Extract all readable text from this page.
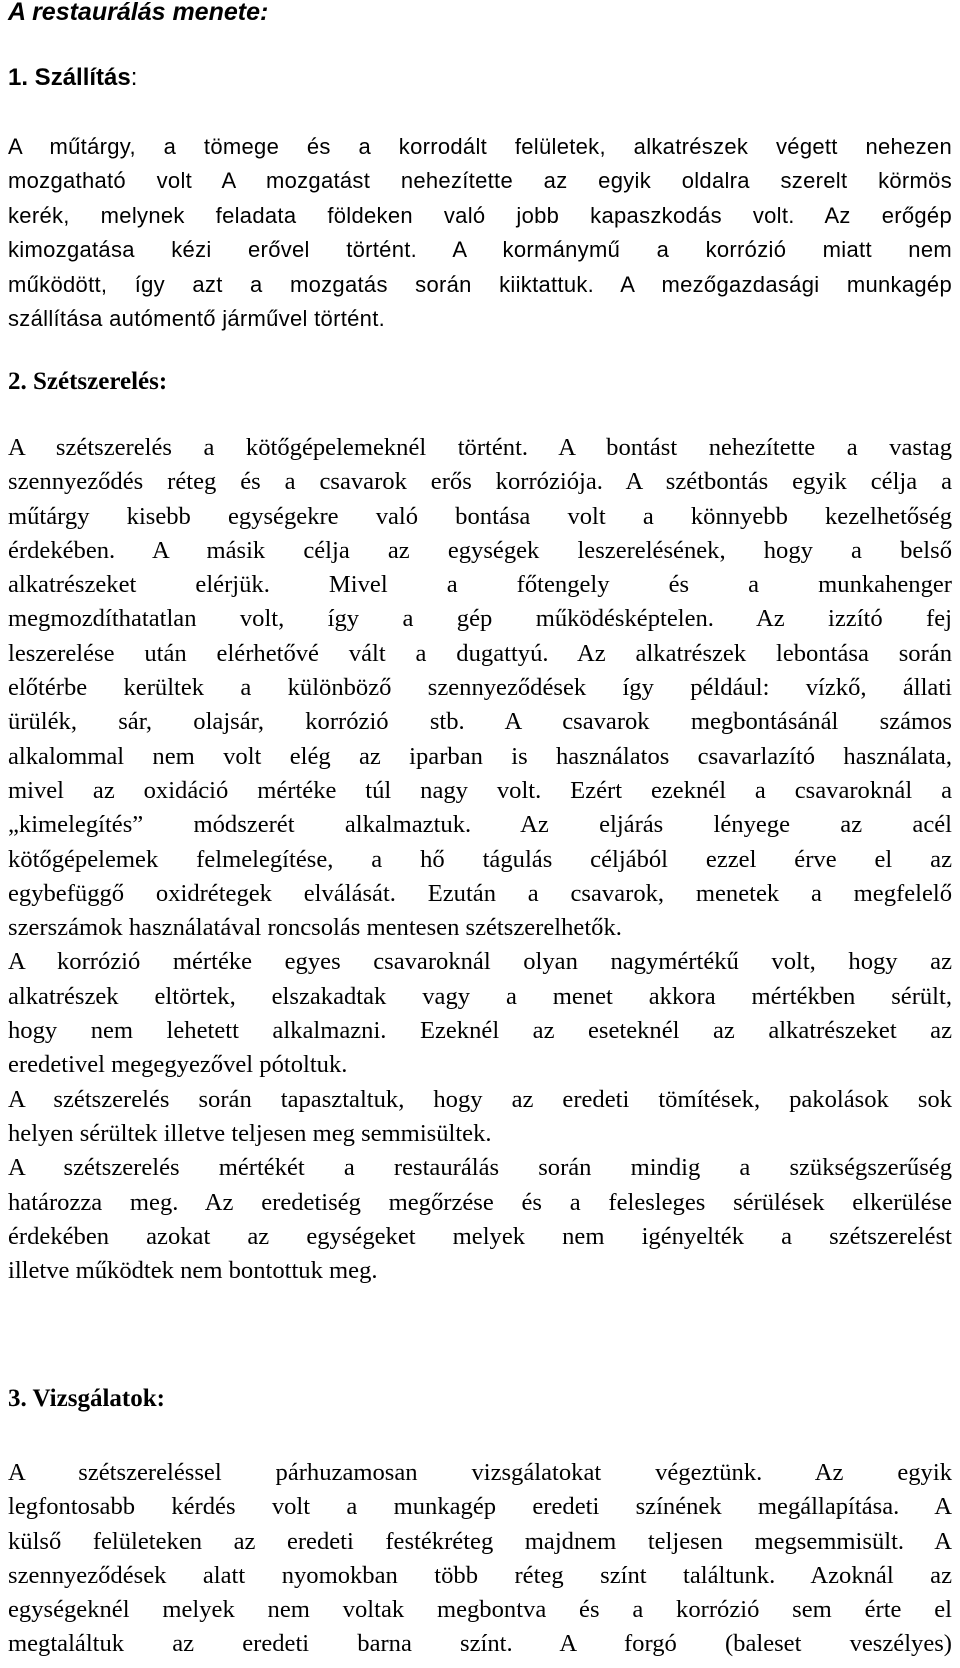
A restaurálás menete:

1. Szállítás:

A műtárgy, a tömege és a korrodált felületek, alkatrészek végett nehezen
mozgatható volt A mozgatást nehezítette az egyik oldalra szerelt körmös
kerék, melynek feladata földeken való jobb kapaszkodás volt. Az erőgép
kimozgatása kézi erővel történt. A kormánymű a korrózió miatt nem
működött, így azt a mozgatás során kiiktattuk. A mezőgazdasági munkagép
szállítása autómentő járművel történt.

2. Szétszerelés:

A szétszerelés a kötőgépelemeknél történt. A bontást nehezítette a vastag
szennyeződés réteg és a csavarok erős korróziója. A szétbontás egyik célja a
műtárgy kisebb egységekre való bontása volt a könnyebb kezelhetőség
érdekében. A másik célja az egységek leszerelésének, hogy a belső
alkatrészeket elérjük. Mivel a főtengely és a munkahenger
megmozdíthatatlan volt, így a gép működésképtelen. Az izzító fej
leszerelése után elérhetővé vált a dugattyú. Az alkatrészek lebontása során
előtérbe kerültek a különböző szennyeződések így például: vízkő, állati
ürülék, sár, olajsár, korrózió stb. A csavarok megbontásánál számos
alkalommal nem volt elég az iparban is használatos csavarlazító használata,
mivel az oxidáció mértéke túl nagy volt. Ezért ezeknél a csavaroknál a
„kimelegítés” módszerét alkalmaztuk. Az eljárás lényege az acél
kötőgépelemek felmelegítése, a hő tágulás céljából ezzel érve el az
egybefüggő oxidrétegek elválását. Ezután a csavarok, menetek a megfelelő
szerszámok használatával roncsolás mentesen szétszerelhetők.
A korrózió mértéke egyes csavaroknál olyan nagymértékű volt, hogy az
alkatrészek eltörtek, elszakadtak vagy a menet akkora mértékben sérült,
hogy nem lehetett alkalmazni. Ezeknél az eseteknél az alkatrészeket az
eredetivel megegyezővel pótoltuk.
A szétszerelés során tapasztaltuk, hogy az eredeti tömítések, pakolások sok
helyen sérültek illetve teljesen meg semmisültek.
A szétszerelés mértékét a restaurálás során mindig a szükségszerűség
határozza meg. Az eredetiség megőrzése és a felesleges sérülések elkerülése
érdekében azokat az egységeket melyek nem igényelték a szétszerelést
illetve működtek nem bontottuk meg.

3. Vizsgálatok:

A szétszereléssel párhuzamosan vizsgálatokat végeztünk. Az egyik
legfontosabb kérdés volt a munkagép eredeti színének megállapítása. A
külső felületeken az eredeti festékréteg majdnem teljesen megsemmisült. A
szennyeződések alatt nyomokban több réteg színt találtunk. Azoknál az
egységeknél melyek nem voltak megbontva és a korrózió sem érte el
megtaláltuk az eredeti barna színt. A forgó (baleset veszélyes)
